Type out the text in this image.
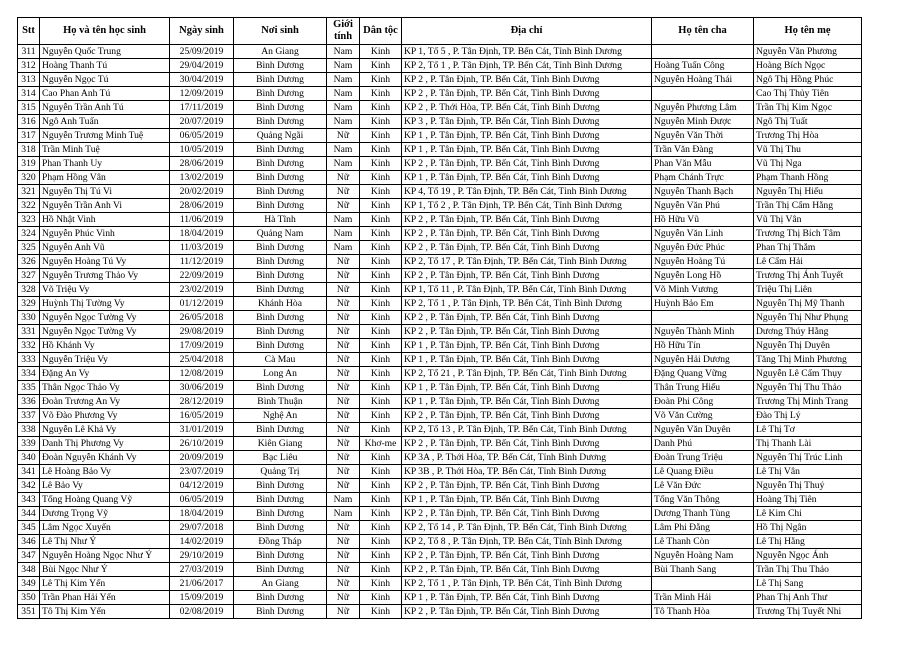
Stt	Họ và tên học sinh	Ngày sinh	Nơi sinh	Giới tính	Dân tộc	Địa chỉ	Họ tên cha	Họ tên mẹ
311	Nguyễn Quốc Trung	25/09/2019	An Giang	Nam	Kinh	KP 1, Tổ 5 , P. Tân Định, TP. Bến Cát, Tỉnh Bình Dương		Nguyễn Văn Phương
312	Hoàng Thanh Tú	29/04/2019	Bình Dương	Nam	Kinh	KP 2, Tổ 1 , P. Tân Định, TP. Bến Cát, Tỉnh Bình Dương	Hoàng Tuấn Công	Hoàng Bích Ngọc
313	Nguyễn Ngọc Tú	30/04/2019	Bình Dương	Nam	Kinh	KP 2 , P. Tân Định, TP. Bến Cát, Tỉnh Bình Dương	Nguyễn Hoàng Thái	Ngô Thị Hồng Phúc
314	Cao Phan Anh Tú	12/09/2019	Bình Dương	Nam	Kinh	KP 2 , P. Tân Định, TP. Bến Cát, Tỉnh Bình Dương		Cao Thị Thủy Tiên
315	Nguyễn Trần Anh Tú	17/11/2019	Bình Dương	Nam	Kinh	KP 2 , P. Thới Hòa, TP. Bến Cát, Tỉnh Bình Dương	Nguyễn Phương Lâm	Trần Thị Kim Ngọc
316	Ngô Anh Tuấn	20/07/2019	Bình Dương	Nam	Kinh	KP 3 , P. Tân Định, TP. Bến Cát, Tỉnh Bình Dương	Nguyễn Minh Được	Ngô Thị Tuất
317	Nguyễn Trương Minh Tuệ	06/05/2019	Quảng Ngãi	Nữ	Kinh	KP 1 , P. Tân Định, TP. Bến Cát, Tỉnh Bình Dương	Nguyễn Văn Thời	Trương Thị Hòa
318	Trần Minh Tuệ	10/05/2019	Bình Dương	Nam	Kinh	KP 1 , P. Tân Định, TP. Bến Cát, Tỉnh Bình Dương	Trần Văn Đàng	Vũ Thị Thu
319	Phan Thanh Uy	28/06/2019	Bình Dương	Nam	Kinh	KP 2 , P. Tân Định, TP. Bến Cát, Tỉnh Bình Dương	Phan Văn Mẫu	Vũ Thị Nga
320	Phạm Hồng Vân	13/02/2019	Bình Dương	Nữ	Kinh	KP 1 , P. Tân Định, TP. Bến Cát, Tỉnh Bình Dương	Phạm Chánh Trực	Phạm Thanh Hồng
321	Nguyễn Thị Tú Vi	20/02/2019	Bình Dương	Nữ	Kinh	KP 4, Tổ 19 , P. Tân Định, TP. Bến Cát, Tỉnh Bình Dương	Nguyễn Thanh Bạch	Nguyễn Thị Hiếu
322	Nguyễn Trần Anh Vi	28/06/2019	Bình Dương	Nữ	Kinh	KP 1, Tổ 2 , P. Tân Định, TP. Bến Cát, Tỉnh Bình Dương	Nguyễn Văn Phú	Trần Thị Cẩm Hằng
323	Hồ Nhật Vinh	11/06/2019	Hà Tĩnh	Nam	Kinh	KP 2 , P. Tân Định, TP. Bến Cát, Tỉnh Bình Dương	Hồ Hữu Vũ	Vũ Thị Vân
324	Nguyễn Phúc Vinh	18/04/2019	Quảng Nam	Nam	Kinh	KP 2 , P. Tân Định, TP. Bến Cát, Tỉnh Bình Dương	Nguyễn Văn Linh	Trương Thị Bích Tâm
325	Nguyễn Anh Vũ	11/03/2019	Bình Dương	Nam	Kinh	KP 2 , P. Tân Định, TP. Bến Cát, Tỉnh Bình Dương	Nguyễn Đức Phúc	Phan Thị Thắm
326	Nguyễn Hoàng Tú Vy	11/12/2019	Bình Dương	Nữ	Kinh	KP 2, Tổ 17 , P. Tân Định, TP. Bến Cát, Tỉnh Bình Dương	Nguyễn Hoàng Tú	Lê Cẩm Hải
327	Nguyễn Trương Thảo Vy	22/09/2019	Bình Dương	Nữ	Kinh	KP 2 , P. Tân Định, TP. Bến Cát, Tỉnh Bình Dương	Nguyễn Long Hồ	Trương Thị Ánh Tuyết
328	Võ Triệu Vy	23/02/2019	Bình Dương	Nữ	Kinh	KP 1, Tổ 11 , P. Tân Định, TP. Bến Cát, Tỉnh Bình Dương	Võ Minh Vương	Triệu Thị Liên
329	Huỳnh Thị Tường Vy	01/12/2019	Khánh Hòa	Nữ	Kinh	KP 2, Tổ 1 , P. Tân Định, TP. Bến Cát, Tỉnh Bình Dương	Huỳnh Bảo Em	Nguyễn Thị Mỹ Thanh
330	Nguyễn Ngọc Tường Vy	26/05/2018	Bình Dương	Nữ	Kinh	KP 2 , P. Tân Định, TP. Bến Cát, Tỉnh Bình Dương		Nguyễn Thị Như Phụng
331	Nguyễn Ngọc Tường Vy	29/08/2019	Bình Dương	Nữ	Kinh	KP 2 , P. Tân Định, TP. Bến Cát, Tỉnh Bình Dương	Nguyễn Thành Minh	Dương Thúy Hằng
332	Hồ Khánh Vy	17/09/2019	Bình Dương	Nữ	Kinh	KP 1 , P. Tân Định, TP. Bến Cát, Tỉnh Bình Dương	Hồ Hữu Tín	Nguyễn Thị Duyên
333	Nguyễn Triệu Vy	25/04/2018	Cà Mau	Nữ	Kinh	KP 1 , P. Tân Định, TP. Bến Cát, Tỉnh Bình Dương	Nguyễn Hải Dương	Tăng Thị Minh Phương
334	Đặng An Vy	12/08/2019	Long An	Nữ	Kinh	KP 2, Tổ 21 , P. Tân Định, TP. Bến Cát, Tỉnh Bình Dương	Đặng Quang Vững	Nguyễn Lê Cẩm Thụy
335	Thân Ngọc Thảo Vy	30/06/2019	Bình Dương	Nữ	Kinh	KP 1 , P. Tân Định, TP. Bến Cát, Tỉnh Bình Dương	Thân Trung Hiếu	Nguyễn Thị Thu Thảo
336	Đoàn Trương An Vy	28/12/2019	Bình Thuận	Nữ	Kinh	KP 1 , P. Tân Định, TP. Bến Cát, Tỉnh Bình Dương	Đoàn Phi Công	Trương Thị Minh Trang
337	Võ Đào Phương Vy	16/05/2019	Nghệ An	Nữ	Kinh	KP 2 , P. Tân Định, TP. Bến Cát, Tỉnh Bình Dương	Võ Văn Cường	Đào Thị Lý
338	Nguyễn Lê Khả Vy	31/01/2019	Bình Dương	Nữ	Kinh	KP 2, Tổ 13 , P. Tân Định, TP. Bến Cát, Tỉnh Bình Dương	Nguyễn Văn Duyên	Lê Thị Tơ
339	Danh Thị Phương Vy	26/10/2019	Kiên Giang	Nữ	Khơ-me	KP 2 , P. Tân Định, TP. Bến Cát, Tỉnh Bình Dương	Danh Phú	Thị Thanh Lài
340	Đoàn Nguyễn Khánh Vy	20/09/2019	Bạc Liêu	Nữ	Kinh	KP 3A , P. Thới Hòa, TP. Bến Cát, Tỉnh Bình Dương	Đoàn Trung Triệu	Nguyễn Thị Trúc Linh
341	Lê Hoàng Bảo Vy	23/07/2019	Quảng Trị	Nữ	Kinh	KP 3B , P. Thới Hòa, TP. Bến Cát, Tỉnh Bình Dương	Lê Quang Điều	Lê Thị Vân
342	Lê Bảo Vy	04/12/2019	Bình Dương	Nữ	Kinh	KP 2 , P. Tân Định, TP. Bến Cát, Tỉnh Bình Dương	Lê Văn Đức	Nguyễn Thị Thuý
343	Tống Hoàng Quang Vỹ	06/05/2019	Bình Dương	Nam	Kinh	KP 1 , P. Tân Định, TP. Bến Cát, Tỉnh Bình Dương	Tống Văn Thông	Hoàng Thị Tiên
344	Dương Trọng Vỹ	18/04/2019	Bình Dương	Nam	Kinh	KP 2 , P. Tân Định, TP. Bến Cát, Tỉnh Bình Dương	Dương Thanh Tùng	Lê Kim Chi
345	Lâm Ngọc Xuyến	29/07/2018	Bình Dương	Nữ	Kinh	KP 2, Tổ 14 , P. Tân Định, TP. Bến Cát, Tỉnh Bình Dương	Lâm Phi Đằng	Hồ Thị Ngân
346	Lê Thị Như Ý	14/02/2019	Đồng Tháp	Nữ	Kinh	KP 2, Tổ 8 , P. Tân Định, TP. Bến Cát, Tỉnh Bình Dương	Lê Thanh Còn	Lê Thị Hằng
347	Nguyễn Hoàng Ngọc Như Ý	29/10/2019	Bình Dương	Nữ	Kinh	KP 2 , P. Tân Định, TP. Bến Cát, Tỉnh Bình Dương	Nguyễn Hoàng Nam	Nguyễn Ngọc Ánh
348	Bùi Ngọc Như Ý	27/03/2019	Bình Dương	Nữ	Kinh	KP 2 , P. Tân Định, TP. Bến Cát, Tỉnh Bình Dương	Bùi Thanh Sang	Trần Thị Thu Thảo
349	Lê Thị Kim Yến	21/06/2017	An Giang	Nữ	Kinh	KP 2, Tổ 1 , P. Tân Định, TP. Bến Cát, Tỉnh Bình Dương		Lê Thị Sang
350	Trần Phan Hải Yến	15/09/2019	Bình Dương	Nữ	Kinh	KP 1 , P. Tân Định, TP. Bến Cát, Tỉnh Bình Dương	Trần Minh Hải	Phan Thị Anh Thư
351	Tô Thị Kim Yến	02/08/2019	Bình Dương	Nữ	Kinh	KP 2 , P. Tân Định, TP. Bến Cát, Tỉnh Bình Dương	Tô Thanh Hòa	Trương Thị Tuyết Nhi
